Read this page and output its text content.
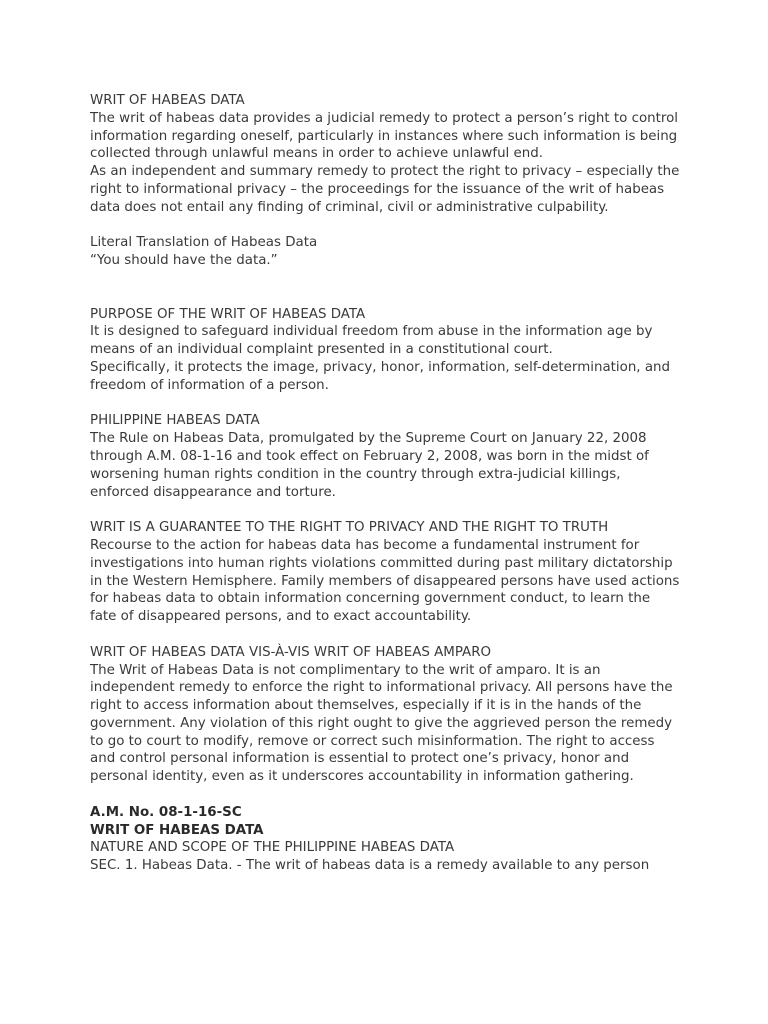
WRIT OF HABEAS DATA

The writ of habeas data provides a judicial remedy to protect a person’s right to control information regarding oneself, particularly in instances where such information is being collected through unlawful means in order to achieve unlawful end.

As an independent and summary remedy to protect the right to privacy – especially the right to informational privacy – the proceedings for the issuance of the writ of habeas data does not entail any finding of criminal, civil or administrative culpability.

Literal Translation of Habeas Data

“You should have the data.”

PURPOSE OF THE WRIT OF HABEAS DATA

It is designed to safeguard individual freedom from abuse in the information age by means of an individual complaint presented in a constitutional court.

Specifically, it protects the image, privacy, honor, information, self-determination, and freedom of information of a person.

PHILIPPINE HABEAS DATA

The Rule on Habeas Data, promulgated by the Supreme Court on January 22, 2008 through A.M. 08-1-16 and took effect on February 2, 2008, was born in the midst of worsening human rights condition in the country through extra-judicial killings, enforced disappearance and torture.

WRIT IS A GUARANTEE TO THE RIGHT TO PRIVACY AND THE RIGHT TO TRUTH

Recourse to the action for habeas data has become a fundamental instrument for investigations into human rights violations committed during past military dictatorship in the Western Hemisphere. Family members of disappeared persons have used actions for habeas data to obtain information concerning government conduct, to learn the fate of disappeared persons, and to exact accountability.

WRIT OF HABEAS DATA VIS-À-VIS WRIT OF HABEAS AMPARO

The Writ of Habeas Data is not complimentary to the writ of amparo. It is an independent remedy to enforce the right to informational privacy. All persons have the right to access information about themselves, especially if it is in the hands of the government. Any violation of this right ought to give the aggrieved person the remedy to go to court to modify, remove or correct such misinformation. The right to access and control personal information is essential to protect one’s privacy, honor and personal identity, even as it underscores accountability in information gathering.

A.M. No. 08-1-16-SC

WRIT OF HABEAS DATA

NATURE AND SCOPE OF THE PHILIPPINE HABEAS DATA

SEC. 1. Habeas Data. - The writ of habeas data is a remedy available to any person
